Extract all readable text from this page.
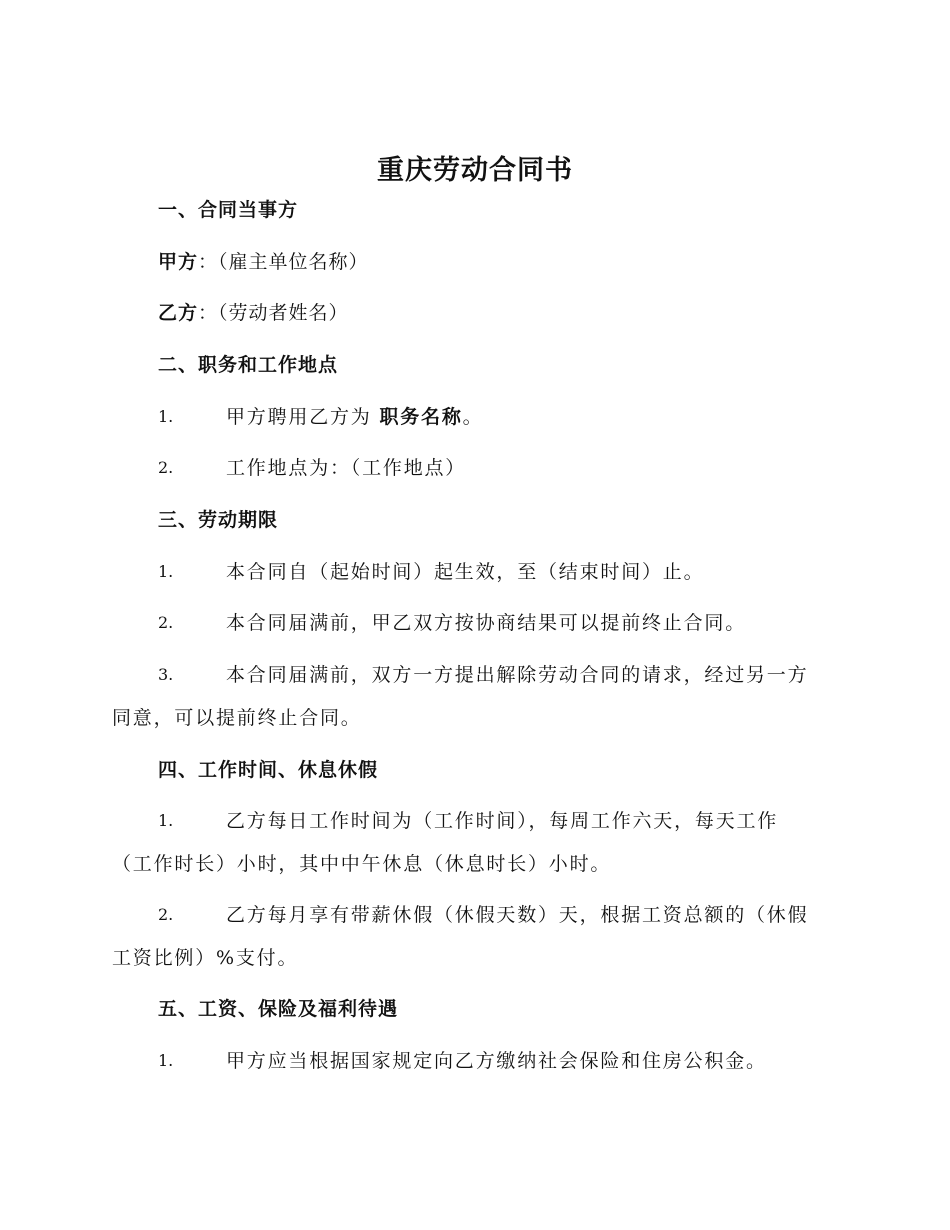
重庆劳动合同书
一、合同当事方
甲方：（雇主单位名称）
乙方：（劳动者姓名）
二、职务和工作地点
1.	甲方聘用乙方为 职务名称。
2.	工作地点为：（工作地点）
三、劳动期限
1.	本合同自（起始时间）起生效，至（结束时间）止。
2.	本合同届满前，甲乙双方按协商结果可以提前终止合同。
3.	本合同届满前，双方一方提出解除劳动合同的请求，经过另一方
同意，可以提前终止合同。
四、工作时间、休息休假
1.	乙方每日工作时间为（工作时间），每周工作六天，每天工作
（工作时长）小时，其中中午休息（休息时长）小时。
2.	乙方每月享有带薪休假（休假天数）天，根据工资总额的（休假
工资比例）%支付。
五、工资、保险及福利待遇
1.	甲方应当根据国家规定向乙方缴纳社会保险和住房公积金。
